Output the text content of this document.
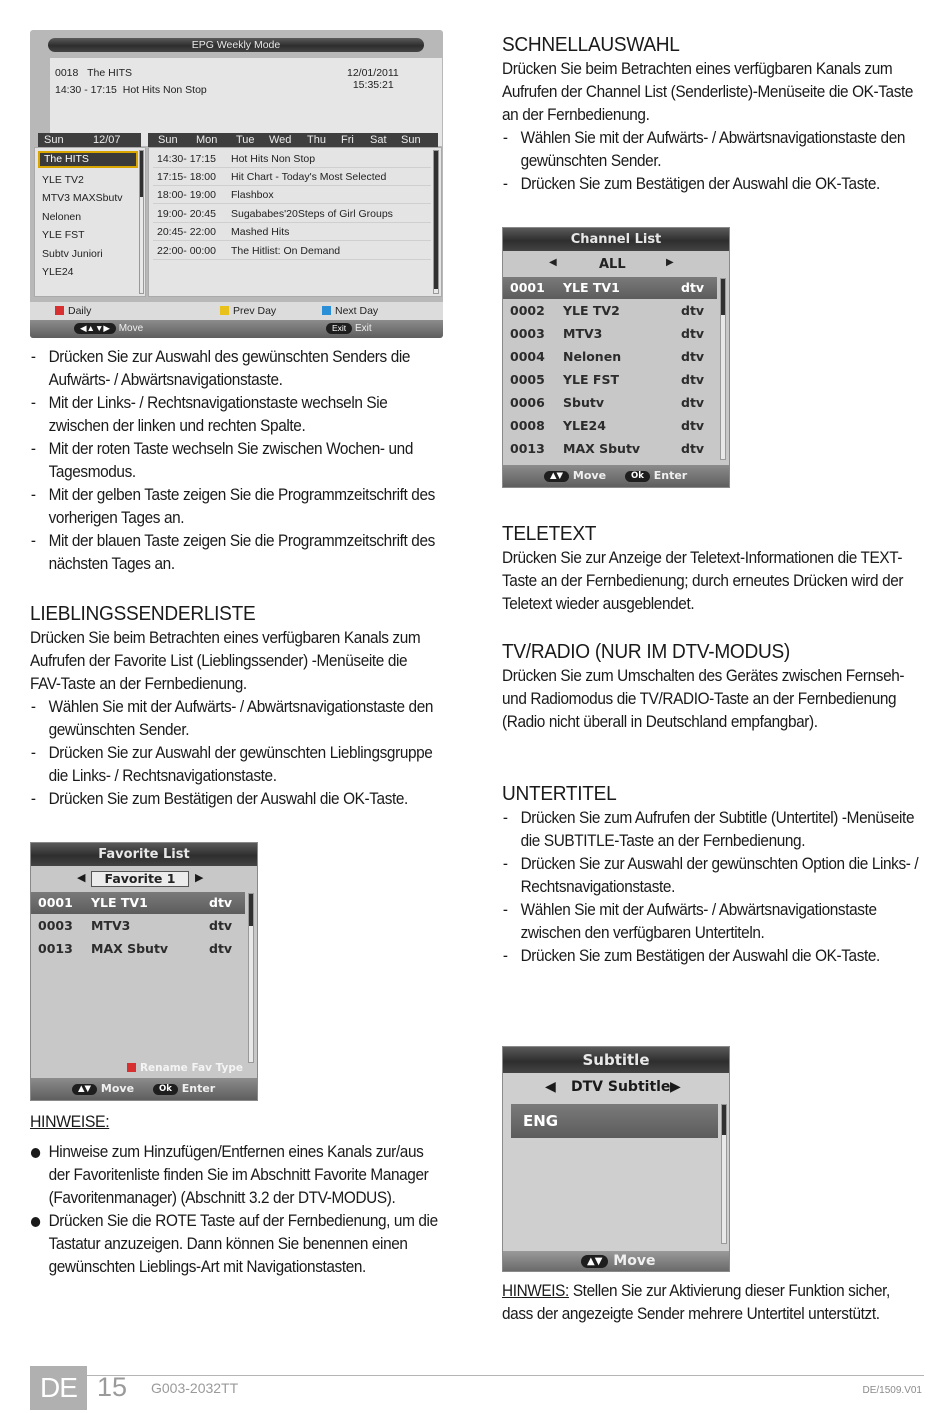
EPG Weekly Mode
0018 The HITS
14:30 - 17:15 Hot Hits Non Stop
12/01/2011   15:35:21
Sun	12/07	Sun Mon Tue Wed Thu Fri Sat Sun
The HITS
YLE TV2
MTV3 MAXSbutv
Nelonen
YLE FST
Subtv Juniori
YLE24
14:30- 17:15 Hot Hits Non Stop
17:15- 18:00 Hit Chart - Today's Most Selected
18:00- 19:00 Flashbox
19:00- 20:45 Sugababes'20Steps of Girl Groups
20:45- 22:00 Mashed Hits
22:00- 00:00 The Hitlist: On Demand
Daily	Prev Day	Next Day
◀▲▼▶ Move	Exit Exit
- Drücken Sie zur Auswahl des gewünschten Senders die Aufwärts- / Abwärtsnavigationstaste.
- Mit der Links- / Rechtsnavigationstaste wechseln Sie zwischen der linken und rechten Spalte.
- Mit der roten Taste wechseln Sie zwischen Wochen- und Tagesmodus.
- Mit der gelben Taste zeigen Sie die Programmzeitschrift des vorherigen Tages an.
- Mit der blauen Taste zeigen Sie die Programmzeitschrift des nächsten Tages an.
LIEBLINGSSENDERLISTE
Drücken Sie beim Betrachten eines verfügbaren Kanals zum Aufrufen der Favorite List (Lieblingssender) -Menüseite die FAV-Taste an der Fernbedienung.
- Wählen Sie mit der Aufwärts- / Abwärtsnavigationstaste den gewünschten Sender.
- Drücken Sie zur Auswahl der gewünschten Lieblingsgruppe die Links- / Rechtsnavigationstaste.
- Drücken Sie zum Bestätigen der Auswahl die OK-Taste.
Favorite List
◀	Favorite 1	▶
0001 YLE TV1	dtv
0003 MTV3	dtv
0013 MAX Sbutv	dtv
Rename Fav Type
▲▼ Move	Ok Enter
HINWEISE:
Hinweise zum Hinzufügen/Entfernen eines Kanals zur/aus der Favoritenliste finden Sie im Abschnitt Favorite Manager (Favoritenmanager) (Abschnitt 3.2 der DTV-MODUS).
Drücken Sie die ROTE Taste auf der Fernbedienung, um die Tastatur anzuzeigen. Dann können Sie benennen einen gewünschten Lieblings-Art mit Navigationstasten.
SCHNELLAUSWAHL
Drücken Sie beim Betrachten eines verfügbaren Kanals zum Aufrufen der Channel List (Senderliste)-Menüseite die OK-Taste an der Fernbedienung.
- Wählen Sie mit der Aufwärts- / Abwärtsnavigationstaste den gewünschten Sender.
- Drücken Sie zum Bestätigen der Auswahl die OK-Taste.
Channel List
◀	ALL	▶
0001 YLE TV1	dtv
0002 YLE TV2	dtv
0003 MTV3	dtv
0004 Nelonen	dtv
0005 YLE FST	dtv
0006 Sbutv	dtv
0008 YLE24	dtv
0013 MAX Sbutv	dtv
▲▼ Move	Ok Enter
TELETEXT
Drücken Sie zur Anzeige der Teletext-Informationen die TEXT-Taste an der Fernbedienung; durch erneutes Drücken wird der Teletext wieder ausgeblendet.
TV/RADIO (NUR IM DTV-MODUS)
Drücken Sie zum Umschalten des Gerätes zwischen Fernseh- und Radiomodus die TV/RADIO-Taste an der Fernbedienung (Radio nicht überall in Deutschland empfangbar).
UNTERTITEL
- Drücken Sie zum Aufrufen der Subtitle (Untertitel) -Menüseite die SUBTITLE-Taste an der Fernbedienung.
- Drücken Sie zur Auswahl der gewünschten Option die Links- / Rechtsnavigationstaste.
- Wählen Sie mit der Aufwärts- / Abwärtsnavigationstaste zwischen den verfügbaren Untertiteln.
- Drücken Sie zum Bestätigen der Auswahl die OK-Taste.
Subtitle
◀ DTV Subtitle ▶
ENG
▲▼ Move
HINWEIS: Stellen Sie zur Aktivierung dieser Funktion sicher, dass der angezeigte Sender mehrere Untertitel unterstützt.
DE 15 G003-2032TT	DE/1509.V01
